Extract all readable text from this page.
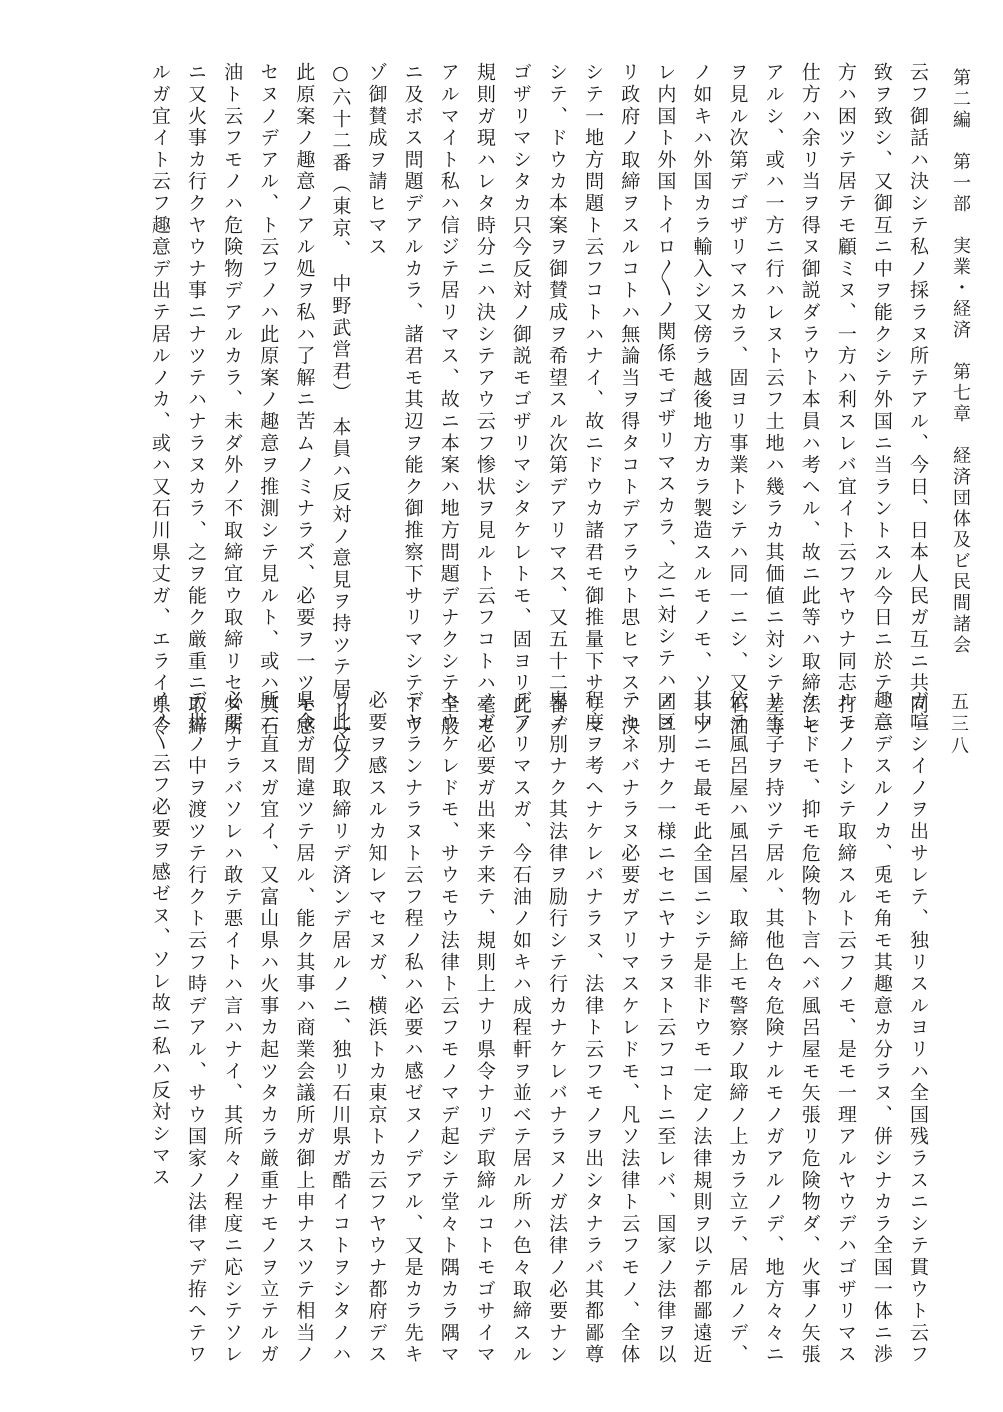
第二編　第一部　実業・経済　第七章　経済団体及ビ民間諸会
五三八
云フ御話ハ決シテ私ノ採ラヌ所テアル、今日、日本人民ガ互ニ共同一
致ヲ致シ、又御互ニ中ヲ能クシテ外国ニ当ラントスル今日ニ於テ、一
方ハ困ツテ居テモ顧ミヌ、一方ハ利スレバ宜イト云フヤウナ同志打ノ
仕方ハ余リ当ヲ得ヌ御説ダラウト本員ハ考ヘル、故ニ此等ハ取締法モ
アルシ、或ハ一方ニ行ハレヌト云フ土地ハ幾ラカ其価値ニ対シテ差等
ヲ見ル次第デゴザリマスカラ、固ヨリ事業トシテハ同一ニシ、又石油
ノ如キハ外国カラ輸入シ又傍ラ越後地方カラ製造スルモノモ、ソレソ
レ内国ト外国トイロ〳〵ノ関係モゴザリマスカラ、之ニ対シテハ固ヨ
リ政府ノ取締ヲスルコトハ無論当ヲ得タコトデアラウト思ヒマス、決
シテ一地方問題ト云フコトハナイ、故ニドウカ諸君モ御推量下サリマ
シテ、ドウカ本案ヲ御賛成ヲ希望スル次第デアリマス、又五十二番デ
ゴザリマシタカ只今反対ノ御説モゴザリマシタケレトモ、固ヨリ此ノ
規則ガ現ハレタ時分ニハ決シテアウ云フ惨状ヲ見ルト云フコトハ毫モ
アルマイト私ハ信ジテ居リマス、故ニ本案ハ地方問題デナクシテ全般
ニ及ボス問題デアルカラ、諸君モ其辺ヲ能ク御推察下サリマシテドウ
ゾ御賛成ヲ請ヒマス
○六十二番（東京、　中野武営君）　本員ハ反対ノ意見ヲ持ツテ居リマス
此原案ノ趣意ノアル処ヲ私ハ了解ニ苦ムノミナラズ、必要ヲ一ツモ感
セヌノデアル、ト云フノハ此原案ノ趣意ヲ推測シテ見ルト、或ハ其石
油ト云フモノハ危険物デアルカラ、未ダ外ノ不取締宜ウ取締リセヌ所
ニ又火事カ行クヤウナ事ニナツテハナラヌカラ、之ヲ能ク厳重ニ取締
ルガ宜イト云フ趣意デ出テ居ルノカ、或ハ又石川県丈ガ、エライ県令
ガ喧シイノヲ出サレテ、独リスルヨリハ全国残ラスニシテ貫ウト云フ
趣意デスルノカ、兎モ角モ其趣意カ分ラヌ、併シナカラ全国一体ニ渉
ルモノトシテ取締スルト云フノモ、是モ一理アルヤウデハゴザリマス
ケレドモ、抑モ危険物ト言ヘバ風呂屋モ矢張リ危険物ダ、火事ノ矢張
リ玉子ヲ持ツテ居ル、其他色々危険ナルモノガアルノデ、地方々々ニ
依テ風呂屋ハ風呂屋、取締上モ警察ノ取締ノ上カラ立テ、居ルノデ、
其中ニモ最モ此全国ニシテ是非ドウモ一定ノ法律規則ヲ以テ都鄙遠近
ノ区別ナク一様ニセニヤナラヌト云フコトニ至レバ、国家ノ法律ヲ以
テセネバナラヌ必要ガアリマスケレドモ、凡ソ法律ト云フモノ、全体
程度ヲ考ヘナケレバナラヌ、法律ト云フモノヲ出シタナラバ其都鄙尊
卑ノ別ナク其法律ヲ励行シテ行カナケレバナラヌノガ法律ノ必要ナン
デアリマスガ、今石油ノ如キハ成程軒ヲ並ベテ居ル所ハ色々取締スル
ノガ必要ガ出来テ来テ、規則上ナリ県令ナリデ取締ルコトモゴサイマ
セウケレドモ、サウモウ法律ト云フモノマデ起シテ堂々ト隅カラ隅マ
デヤランナラヌト云フ程ノ私ハ必要ハ感ゼヌノデアル、又是カラ先キ
必要ヲ感スルカ知レマセヌガ、横浜トカ東京トカ云フヤウナ都府デス
ラ此位ノ取締リデ済ンデ居ルノニ、独リ石川県ガ酷イコトヲシタノハ
県令ガ間違ツテ居ル、能ク其事ハ商業会議所ガ御上申ナスツテ相当ノ
所ニ直スガ宜イ、又富山県ハ火事カ起ツタカラ厳重ナモノヲ立テルガ
必要ナラバソレハ敢テ悪イトハ言ハナイ、其所々ノ程度ニ応シテソレ
デ世ノ中ヲ渡ツテ行クト云フ時デアル、サウ国家ノ法律マデ拵ヘテワ
イ〳〵云フ必要ヲ感ゼヌ、ソレ故ニ私ハ反対シマス
